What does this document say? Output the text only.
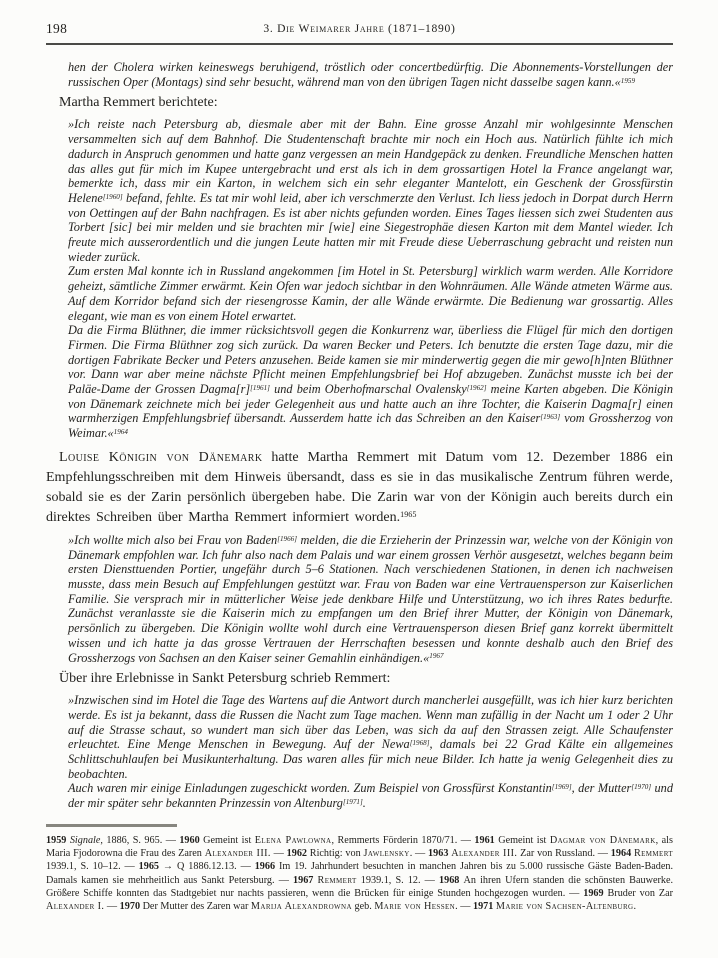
198	3. Die Weimarer Jahre (1871–1890)

hen der Cholera wirken keineswegs beruhigend, tröstlich oder concertbedürftig. Die Abonnements-Vorstellungen der russischen Oper (Montags) sind sehr besucht, während man von den übrigen Tagen nicht dasselbe sagen kann.«$^{1959}$

Martha Remmert berichtete:

»Ich reiste nach Petersburg ab, diesmale aber mit der Bahn. Eine grosse Anzahl mir wohlgesinnte Menschen versammelten sich auf dem Bahnhof. Die Studentenschaft brachte mir noch ein Hoch aus. Natürlich fühlte ich mich dadurch in Anspruch genommen und hatte ganz vergessen an mein Handgepäck zu denken. Freundliche Menschen hatten das alles gut für mich im Kupee untergebracht und erst als ich in dem grossartigen Hotel la France angelangt war, bemerkte ich, dass mir ein Karton, in welchem sich ein sehr eleganter Mantelott, ein Geschenk der Grossfürstin Helene[1960] befand, fehlte. Es tat mir wohl leid, aber ich verschmerzte den Verlust. Ich liess jedoch in Dorpat durch Herrn von Oettingen auf der Bahn nachfragen. Es ist aber nichts gefunden worden. Eines Tages liessen sich zwei Studenten aus Torbert [sic] bei mir melden und sie brachten mir [wie] eine Siegestrophäe diesen Karton mit dem Mantel wieder. Ich freute mich ausserordentlich und die jungen Leute hatten mir mit Freude diese Ueberraschung gebracht und reisten nun wieder zurück.

Zum ersten Mal konnte ich in Russland angekommen [im Hotel in St. Petersburg] wirklich warm werden. Alle Korridore geheizt, sämtliche Zimmer erwärmt. Kein Ofen war jedoch sichtbar in den Wohnräumen. Alle Wände atmeten Wärme aus. Auf dem Korridor befand sich der riesengrosse Kamin, der alle Wände erwärmte. Die Bedienung war grossartig. Alles elegant, wie man es von einem Hotel erwartet.

Da die Firma Blüthner, die immer rücksichtsvoll gegen die Konkurrenz war, überliess die Flügel für mich den dortigen Firmen. Die Firma Blüthner zog sich zurück. Da waren Becker und Peters. Ich benutzte die ersten Tage dazu, mir die dortigen Fabrikate Becker und Peters anzusehen. Beide kamen sie mir minderwertig gegen die mir gewo[h]nten Blüthner vor. Dann war aber meine nächste Pflicht meinen Empfehlungsbrief bei Hof abzugeben. Zunächst musste ich bei der Paläe-Dame der Grossen Dagma[r][1961] und beim Oberhofmarschal Ovalensky[1962] meine Karten abgeben. Die Königin von Dänemark zeichnete mich bei jeder Gelegenheit aus und hatte auch an ihre Tochter, die Kaiserin Dagma[r] einen warmherzigen Empfehlungsbrief übersandt. Ausserdem hatte ich das Schreiben an den Kaiser[1963] vom Grossherzog von Weimar.«$^{1964}$

Louise Königin von Dänemark hatte Martha Remmert mit Datum vom 12. Dezember 1886 ein Empfehlungsschreiben mit dem Hinweis übersandt, dass es sie in das musikalische Zentrum führen werde, sobald sie es der Zarin persönlich übergeben habe. Die Zarin war von der Königin auch bereits durch ein direktes Schreiben über Martha Remmert informiert worden.$^{1965}$

»Ich wollte mich also bei Frau von Baden[1966] melden, die die Erzieherin der Prinzessin war, welche von der Königin von Dänemark empfohlen war. Ich fuhr also nach dem Palais und war einem grossen Verhör ausgesetzt, welches begann beim ersten Diensttuenden Portier, ungefähr durch 5–6 Stationen. Nach verschiedenen Stationen, in denen ich nachweisen musste, dass mein Besuch auf Empfehlungen gestützt war. Frau von Baden war eine Vertrauensperson zur Kaiserlichen Familie. Sie versprach mir in mütterlicher Weise jede denkbare Hilfe und Unterstützung, wo ich ihres Rates bedurfte. Zunächst veranlasste sie die Kaiserin mich zu empfangen um den Brief ihrer Mutter, der Königin von Dänemark, persönlich zu übergeben. Die Königin wollte wohl durch eine Vertrauensperson diesen Brief ganz korrekt übermittelt wissen und ich hatte ja das grosse Vertrauen der Herrschaften besessen und konnte deshalb auch den Brief des Grossherzogs von Sachsen an den Kaiser seiner Gemahlin einhändigen.«$^{1967}$

Über ihre Erlebnisse in Sankt Petersburg schrieb Remmert:

»Inzwischen sind im Hotel die Tage des Wartens auf die Antwort durch mancherlei ausgefüllt, was ich hier kurz berichten werde. Es ist ja bekannt, dass die Russen die Nacht zum Tage machen. Wenn man zufällig in der Nacht um 1 oder 2 Uhr auf die Strasse schaut, so wundert man sich über das Leben, was sich da auf den Strassen zeigt. Alle Schaufenster erleuchtet. Eine Menge Menschen in Bewegung. Auf der Newa[1968], damals bei 22 Grad Kälte ein allgemeines Schlittschuhlaufen bei Musikunterhaltung. Das waren alles für mich neue Bilder. Ich hatte ja wenig Gelegenheit dies zu beobachten.

Auch waren mir einige Einladungen zugeschickt worden. Zum Beispiel von Grossfürst Konstantin[1969], der Mutter[1970] und der mir später sehr bekannten Prinzessin von Altenburg[1971].

1959 Signale, 1886, S. 965. — 1960 Gemeint ist Elena Pawlowna, Remmerts Förderin 1870/71. — 1961 Gemeint ist Dagmar von Dänemark, als Maria Fjodorowna die Frau des Zaren Alexander III. — 1962 Richtig: von Jawlensky. — 1963 Alexander III. Zar von Russland. — 1964 Remmert 1939.1, S. 10–12. — 1965 → Q 1886.12.13. — 1966 Im 19. Jahrhundert besuchten in manchen Jahren bis zu 5.000 russische Gäste Baden-Baden. Damals kamen sie mehrheitlich aus Sankt Petersburg. — 1967 Remmert 1939.1, S. 12. — 1968 An ihren Ufern standen die schönsten Bauwerke. Größere Schiffe konnten das Stadtgebiet nur nachts passieren, wenn die Brücken für einige Stunden hochgezogen wurden. — 1969 Bruder von Zar Alexander I. — 1970 Der Mutter des Zaren war Marija Alexandrowna geb. Marie von Hessen. — 1971 Marie von Sachsen-Altenburg.
